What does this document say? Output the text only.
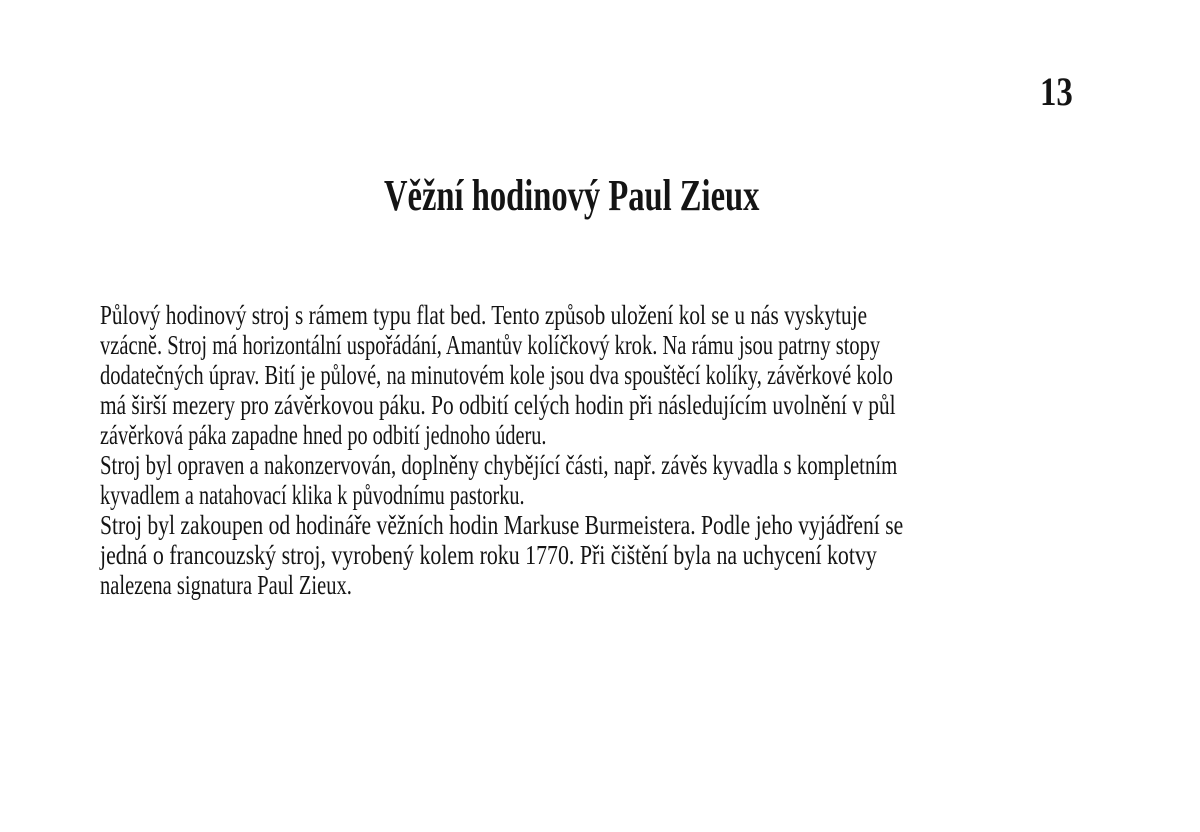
13
Věžní hodinový Paul Zieux
Půlový hodinový stroj s rámem typu flat bed. Tento způsob uložení kol se u nás vyskytuje
vzácně. Stroj má horizontální uspořádání, Amantův kolíčkový krok. Na rámu jsou patrny stopy
dodatečných úprav. Bití je půlové, na minutovém kole jsou dva spouštěcí kolíky, závěrkové kolo
má širší mezery pro závěrkovou páku. Po odbití celých hodin při následujícím uvolnění v půl
závěrková páka zapadne hned po odbití jednoho úderu.
Stroj byl opraven a nakonzervován, doplněny chybějící části, např. závěs kyvadla s kompletním
kyvadlem a natahovací klika k původnímu pastorku.
Stroj byl zakoupen od hodináře věžních hodin Markuse Burmeistera. Podle jeho vyjádření se
jedná o francouzský stroj, vyrobený kolem roku 1770. Při čištění byla na uchycení kotvy
nalezena signatura Paul Zieux.
